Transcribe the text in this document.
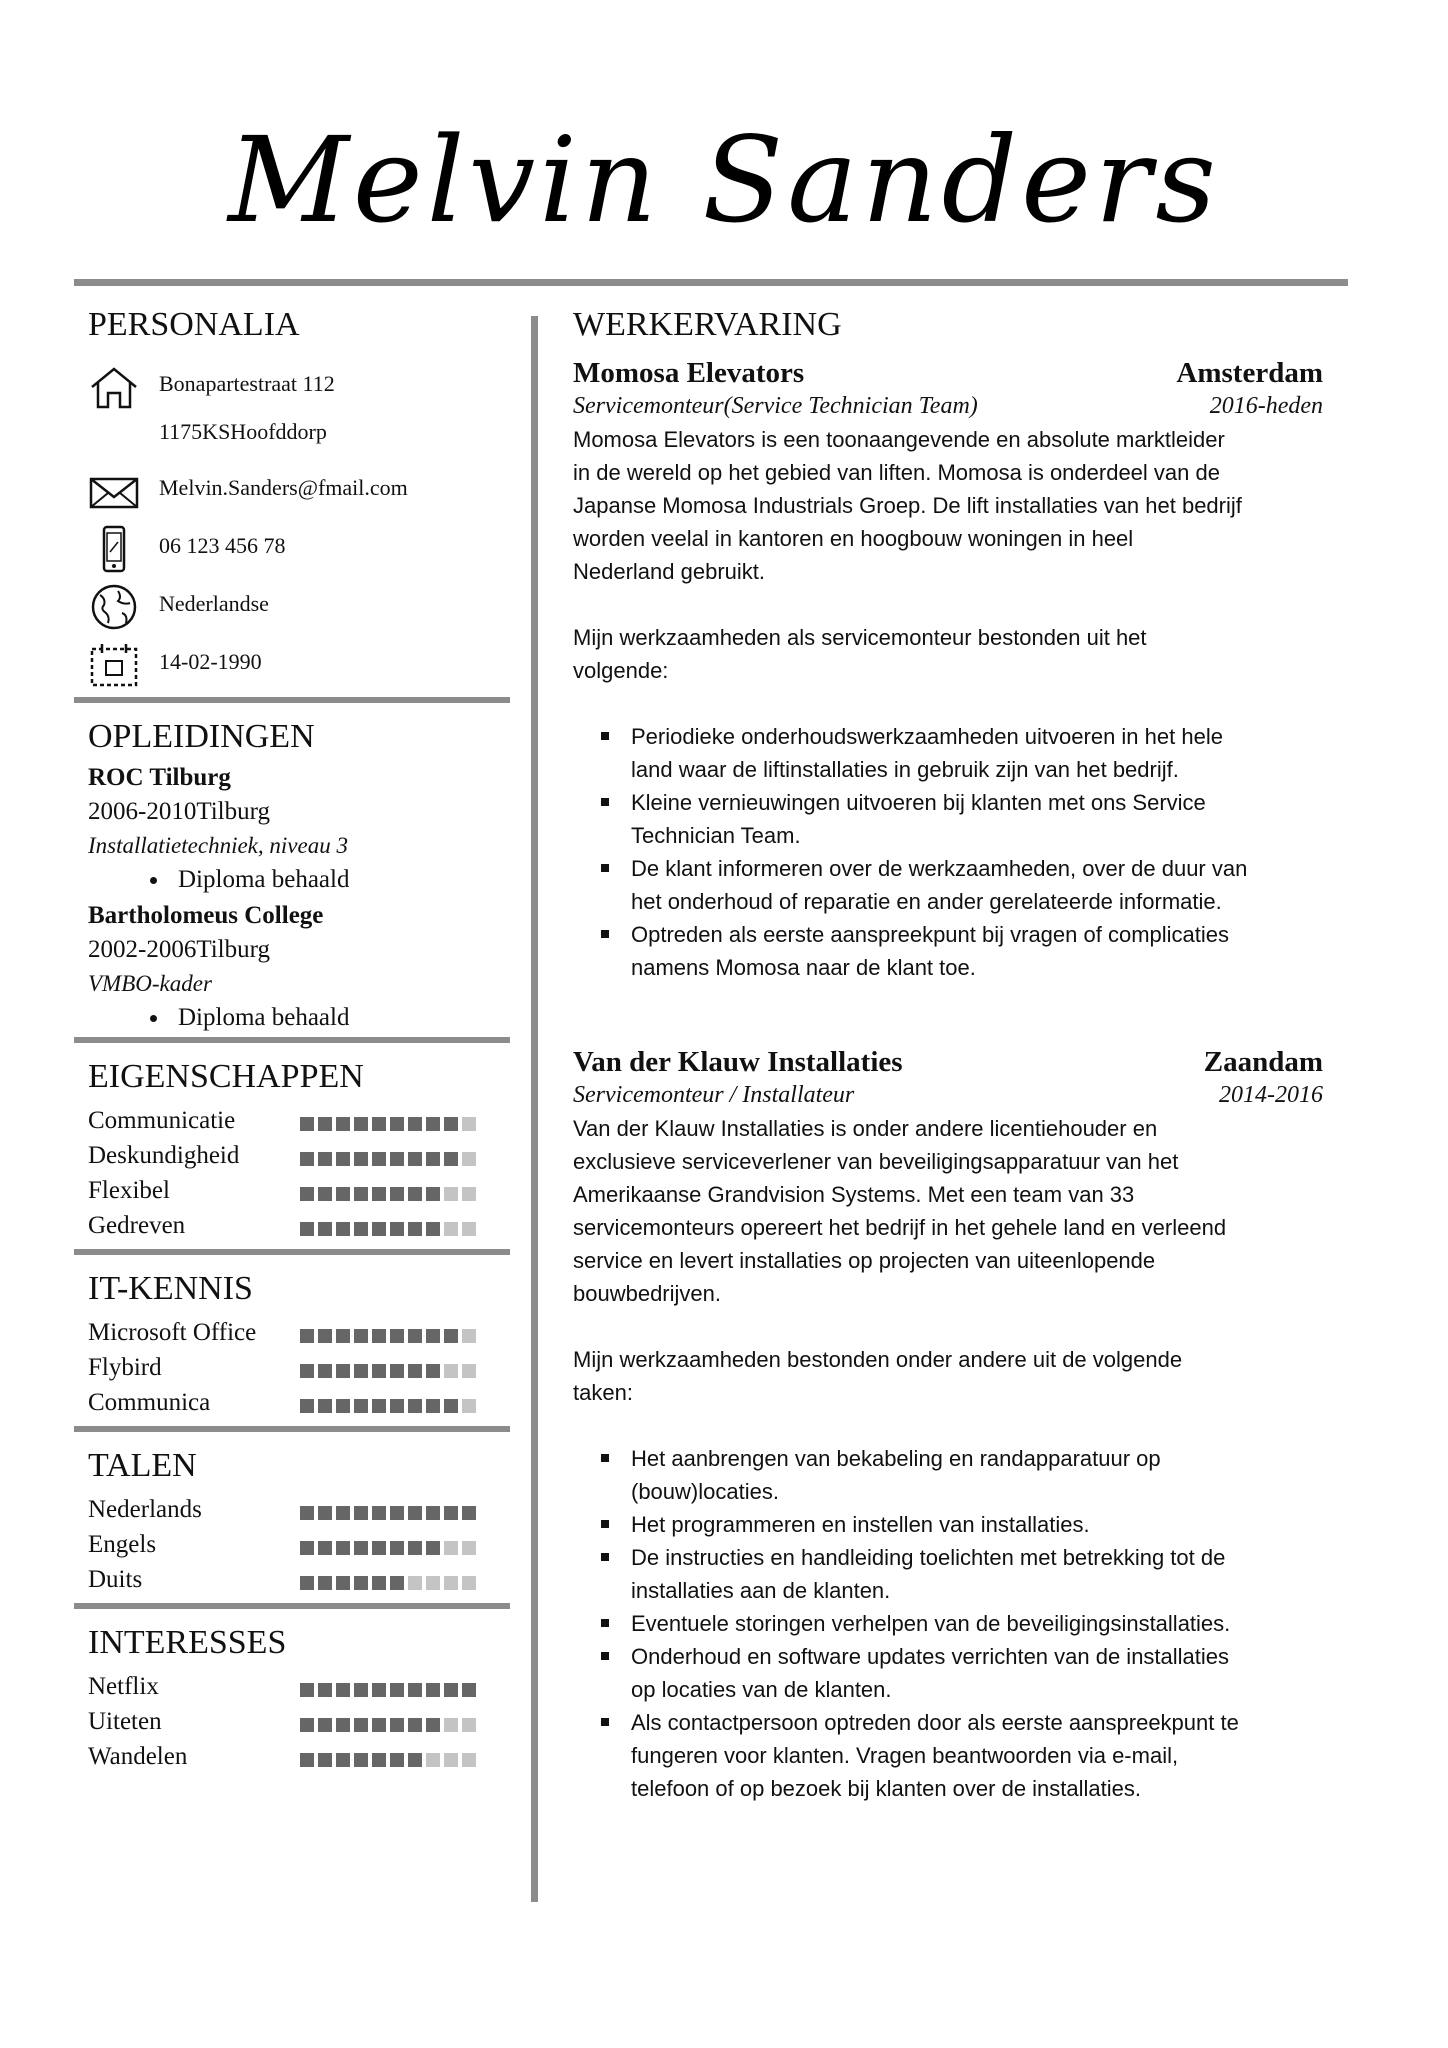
Melvin Sanders
PERSONALIA
Bonapartestraat 112
1175KSHoofddorp
Melvin.Sanders@fmail.com
06 123 456 78
Nederlandse
14-02-1990
OPLEIDINGEN
ROC Tilburg
2006-2010Tilburg
Installatietechniek, niveau 3
Diploma behaald
Bartholomeus College
2002-2006Tilburg
VMBO-kader
Diploma behaald
EIGENSCHAPPEN
Communicatie
Deskundigheid
Flexibel
Gedreven
IT-KENNIS
Microsoft Office
Flybird
Communica
TALEN
Nederlands
Engels
Duits
INTERESSES
Netflix
Uiteten
Wandelen
WERKERVARING
Momosa Elevators	Amsterdam
Servicemonteur(Service Technician Team)	2016-heden
Momosa Elevators is een toonaangevende en absolute marktleider
in de wereld op het gebied van liften. Momosa is onderdeel van de
Japanse Momosa Industrials Groep. De lift installaties van het bedrijf
worden veelal in kantoren en hoogbouw woningen in heel
Nederland gebruikt.
Mijn werkzaamheden als servicemonteur bestonden uit het
volgende:
Periodieke onderhoudswerkzaamheden uitvoeren in het hele
land waar de liftinstallaties in gebruik zijn van het bedrijf.
Kleine vernieuwingen uitvoeren bij klanten met ons Service
Technician Team.
De klant informeren over de werkzaamheden, over de duur van
het onderhoud of reparatie en ander gerelateerde informatie.
Optreden als eerste aanspreekpunt bij vragen of complicaties
namens Momosa naar de klant toe.
Van der Klauw Installaties	Zaandam
Servicemonteur / Installateur	2014-2016
Van der Klauw Installaties is onder andere licentiehouder en
exclusieve serviceverlener van beveiligingsapparatuur van het
Amerikaanse Grandvision Systems. Met een team van 33
servicemonteurs opereert het bedrijf in het gehele land en verleend
service en levert installaties op projecten van uiteenlopende
bouwbedrijven.
Mijn werkzaamheden bestonden onder andere uit de volgende
taken:
Het aanbrengen van bekabeling en randapparatuur op
(bouw)locaties.
Het programmeren en instellen van installaties.
De instructies en handleiding toelichten met betrekking tot de
installaties aan de klanten.
Eventuele storingen verhelpen van de beveiligingsinstallaties.
Onderhoud en software updates verrichten van de installaties
op locaties van de klanten.
Als contactpersoon optreden door als eerste aanspreekpunt te
fungeren voor klanten. Vragen beantwoorden via e-mail,
telefoon of op bezoek bij klanten over de installaties.
